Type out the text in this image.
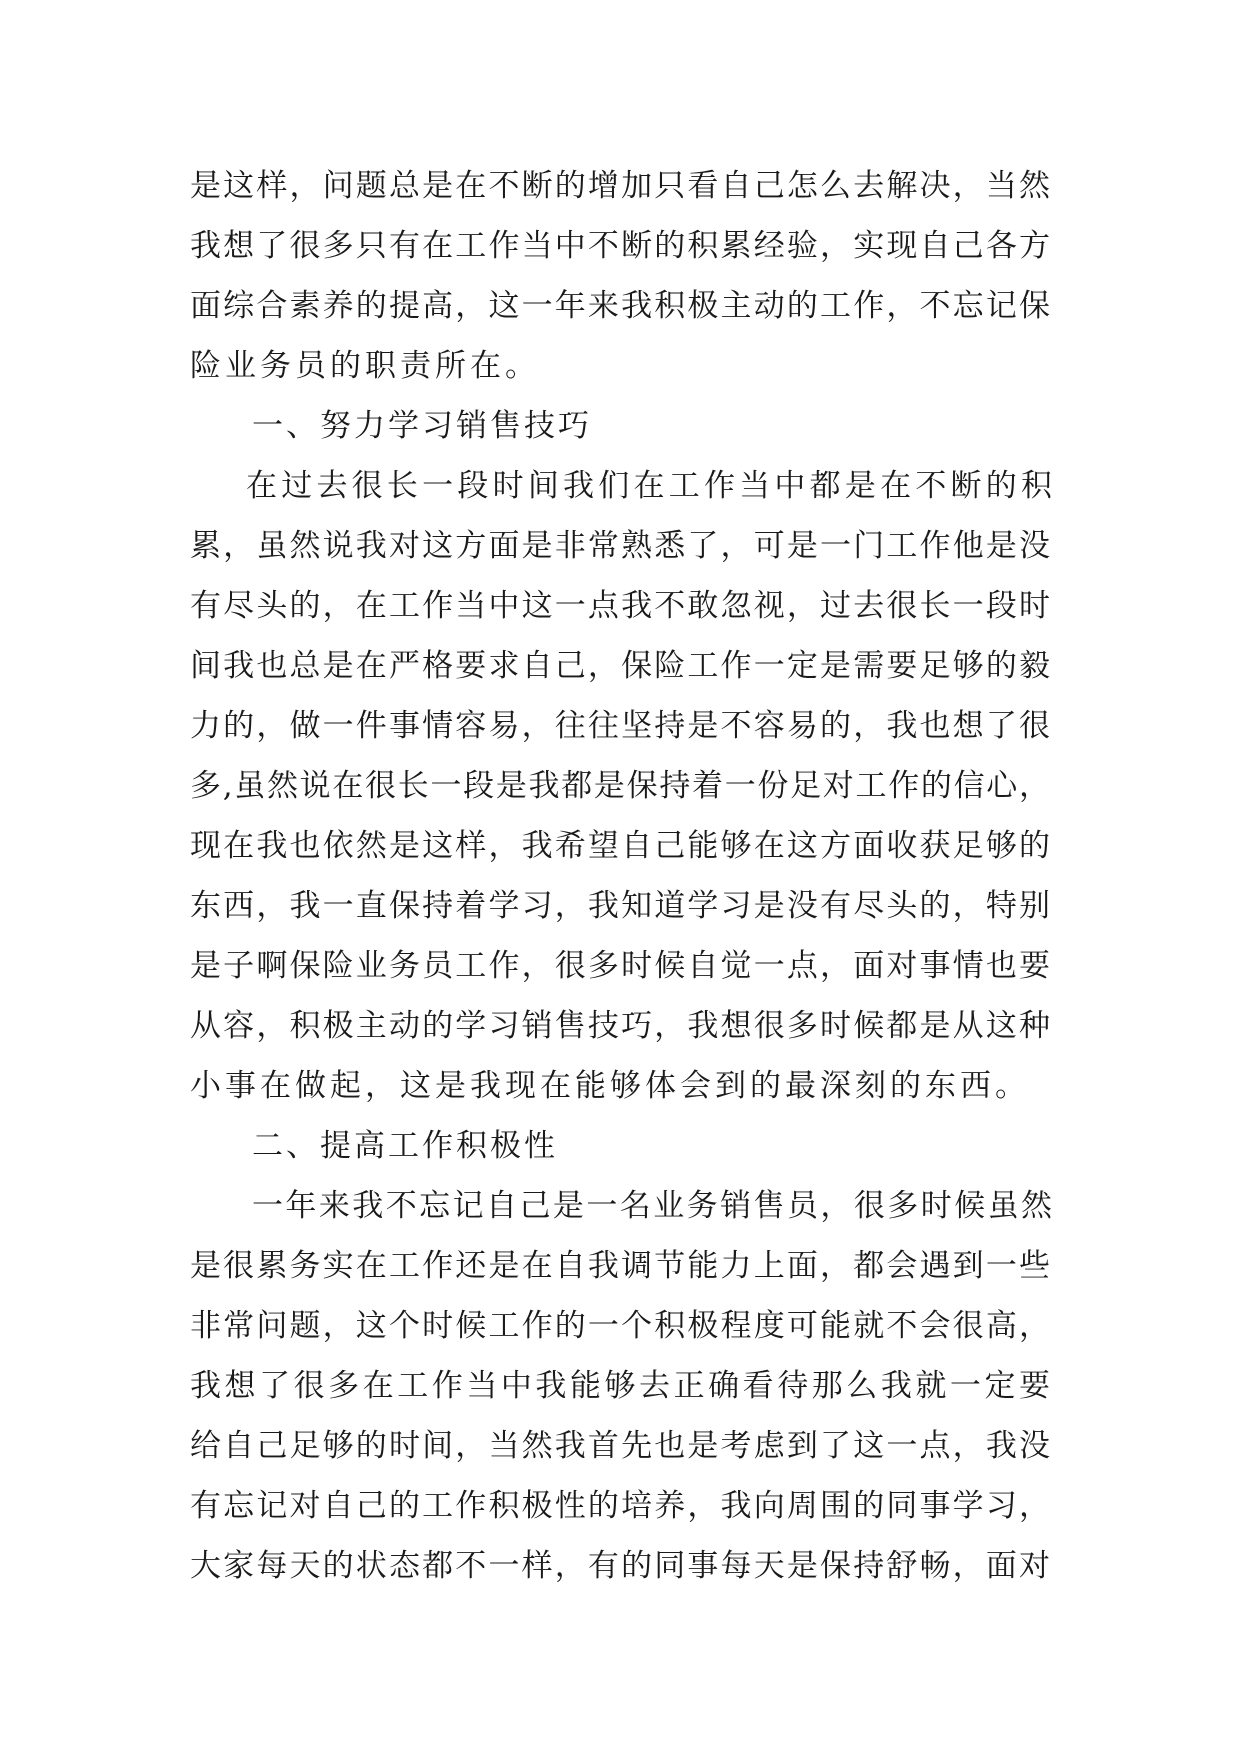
是这样，问题总是在不断的增加只看自己怎么去解决，当然
我想了很多只有在工作当中不断的积累经验，实现自己各方
面综合素养的提高，这一年来我积极主动的工作，不忘记保
险业务员的职责所在。
一、努力学习销售技巧
在过去很长一段时间我们在工作当中都是在不断的积
累，虽然说我对这方面是非常熟悉了，可是一门工作他是没
有尽头的，在工作当中这一点我不敢忽视，过去很长一段时
间我也总是在严格要求自己，保险工作一定是需要足够的毅
力的，做一件事情容易，往往坚持是不容易的，我也想了很
多,虽然说在很长一段是我都是保持着一份足对工作的信心，
现在我也依然是这样，我希望自己能够在这方面收获足够的
东西，我一直保持着学习，我知道学习是没有尽头的，特别
是子啊保险业务员工作，很多时候自觉一点，面对事情也要
从容，积极主动的学习销售技巧，我想很多时候都是从这种
小事在做起，这是我现在能够体会到的最深刻的东西。
二、提高工作积极性
一年来我不忘记自己是一名业务销售员，很多时候虽然
是很累务实在工作还是在自我调节能力上面，都会遇到一些
非常问题，这个时候工作的一个积极程度可能就不会很高，
我想了很多在工作当中我能够去正确看待那么我就一定要
给自己足够的时间，当然我首先也是考虑到了这一点，我没
有忘记对自己的工作积极性的培养，我向周围的同事学习，
大家每天的状态都不一样，有的同事每天是保持舒畅，面对
